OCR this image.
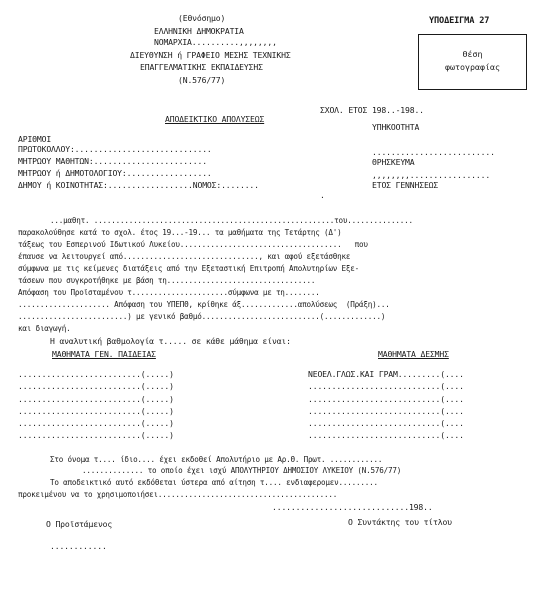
(Εθνόσημο)
ΕΛΛΗΝΙΚΗ ΔΗΜΟΚΡΑΤΙΑ
ΝΟΜΑΡΧΙΑ..........,,,,,,,,
ΔΙΕΥΘΥΝΣΗ ή ΓΡΑΦΕΙΟ ΜΕΣΗΣ ΤΕΧΝΙΚΗΣ
ΕΠΑΓΓΕΛΜΑΤΙΚΗΣ ΕΚΠΑΙΔΕΥΣΗΣ
(Ν.576/77)
ΥΠΟΔΕΙΓΜΑ 27
Θέση
φωτογραφίας
ΣΧΟΛ. ΕΤΟΣ 198..-198..
ΑΠΟΔΕΙΚΤΙΚΟ ΑΠΟΛΥΣΕΩΣ
ΥΠΗΚΟΟΤΗΤΑ
ΑΡΙΘΜΟΙ
ΠΡΩΤΟΚΟΛΛΟΥ:.............................
ΜΗΤΡΩΟΥ ΜΑΘΗΤΩΝ:........................
ΜΗΤΡΩΟΥ ή ΔΗΜΟΤΟΛΟΓΙΟΥ:..................
ΔΗΜΟΥ ή ΚΟΙΝΟΤΗΤΑΣ:..................ΝΟΜΟΣ:........
.
..........................
ΘΡΗΣΚΕΥΜΑ
,,,,,,,,.................
ΕΤΟΣ ΓΕΝΝΗΣΕΩΣ
...μαθητ. .......................................................του...............
παρακολούθησε κατά το σχολ. έτος 19...-19... τα μαθήματα της Τετάρτης (Δ')
τάξεως του Εσπερινού Ιδωτικού Λυκείου.....................................   που
έπαυσε να λειτουργεί από..............................., και αφού εξετάσθηκε
σύμφωνα με τις κείμενες διατάξεις από την Εξεταστική Επιτροπή Απολυτηρίων Εξε-
τάσεων που συγκροτήθηκε με βάση τη..................................
Απόφαση του Προϊσταμένου τ......................σύμφωνα με τη........
..................... Απόφαση του ΥΠΕΠΘ, κρίθηκε άξ.............απολύσεως  (Πράξη)...
.........................) με γενικό βαθμό...........................(.............)
και διαγωγή.
Η αναλυτική βαθμολογία τ..... σε κάθε μάθημα είναι:
ΜΑΘΗΜΑΤΑ ΓΕΝ. ΠΑΙΔΕΙΑΣ	ΜΑΘΗΜΑΤΑ ΔΕΣΜΗΣ
..........................(.....)
..........................(.....)
..........................(.....)
..........................(.....)
..........................(.....)
..........................(.....)
ΝΕΟΕΛ.ΓΛΩΣ.ΚΑΙ ΓΡΑΜ.........(....
............................(....
............................(....
............................(....
............................(....
............................(....
Στο όνομα τ.... ίδιο.... έχει εκδοθεί Απολυτήριο με Αρ.Θ. Πρωτ. ............
.............. το οποίο έχει ισχύ ΑΠΟΛΥΤΗΡΙΟΥ ΔΗΜΟΣΙΟΥ ΛΥΚΕΙΟΥ (Ν.576/77)
Το αποδεικτικό αυτό εκδόθεται ύστερα από αίτηση τ.... ενδιαφερομεν.........
προκειμένου να το χρησιμοποιήσει.........................................
.............................198..
Ο Προϊστάμενος	Ο Συντάκτης του τίτλου
............
